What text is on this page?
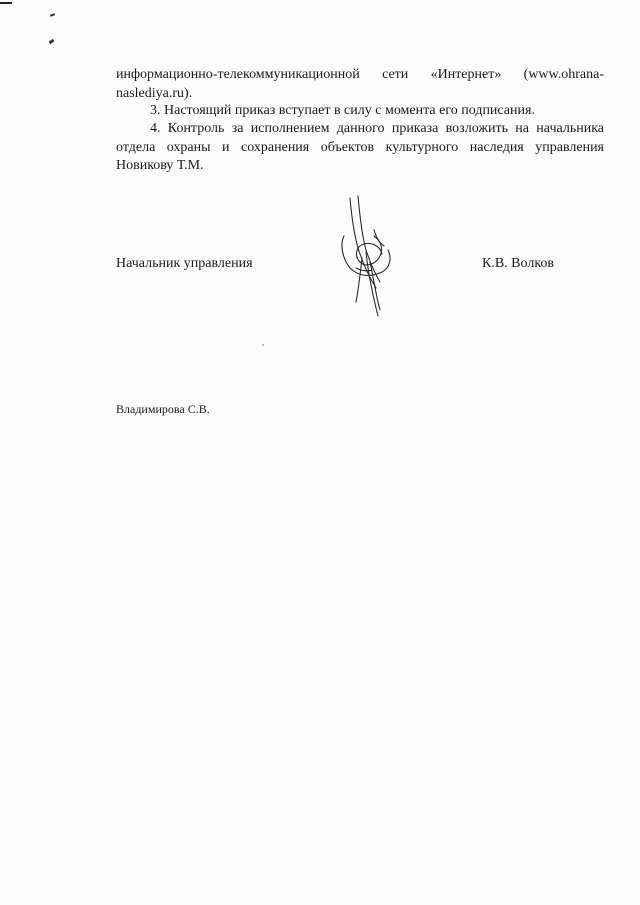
информационно-телекоммуникационной сети «Интернет» (www.ohrana-
naslediya.ru).
3. Настоящий приказ вступает в силу с момента его подписания.
4. Контроль за исполнением данного приказа возложить на начальника отдела охраны и сохранения объектов культурного наследия управления Новикову Т.М.
Начальник управления	К.В. Волков
Владимирова С.В.
